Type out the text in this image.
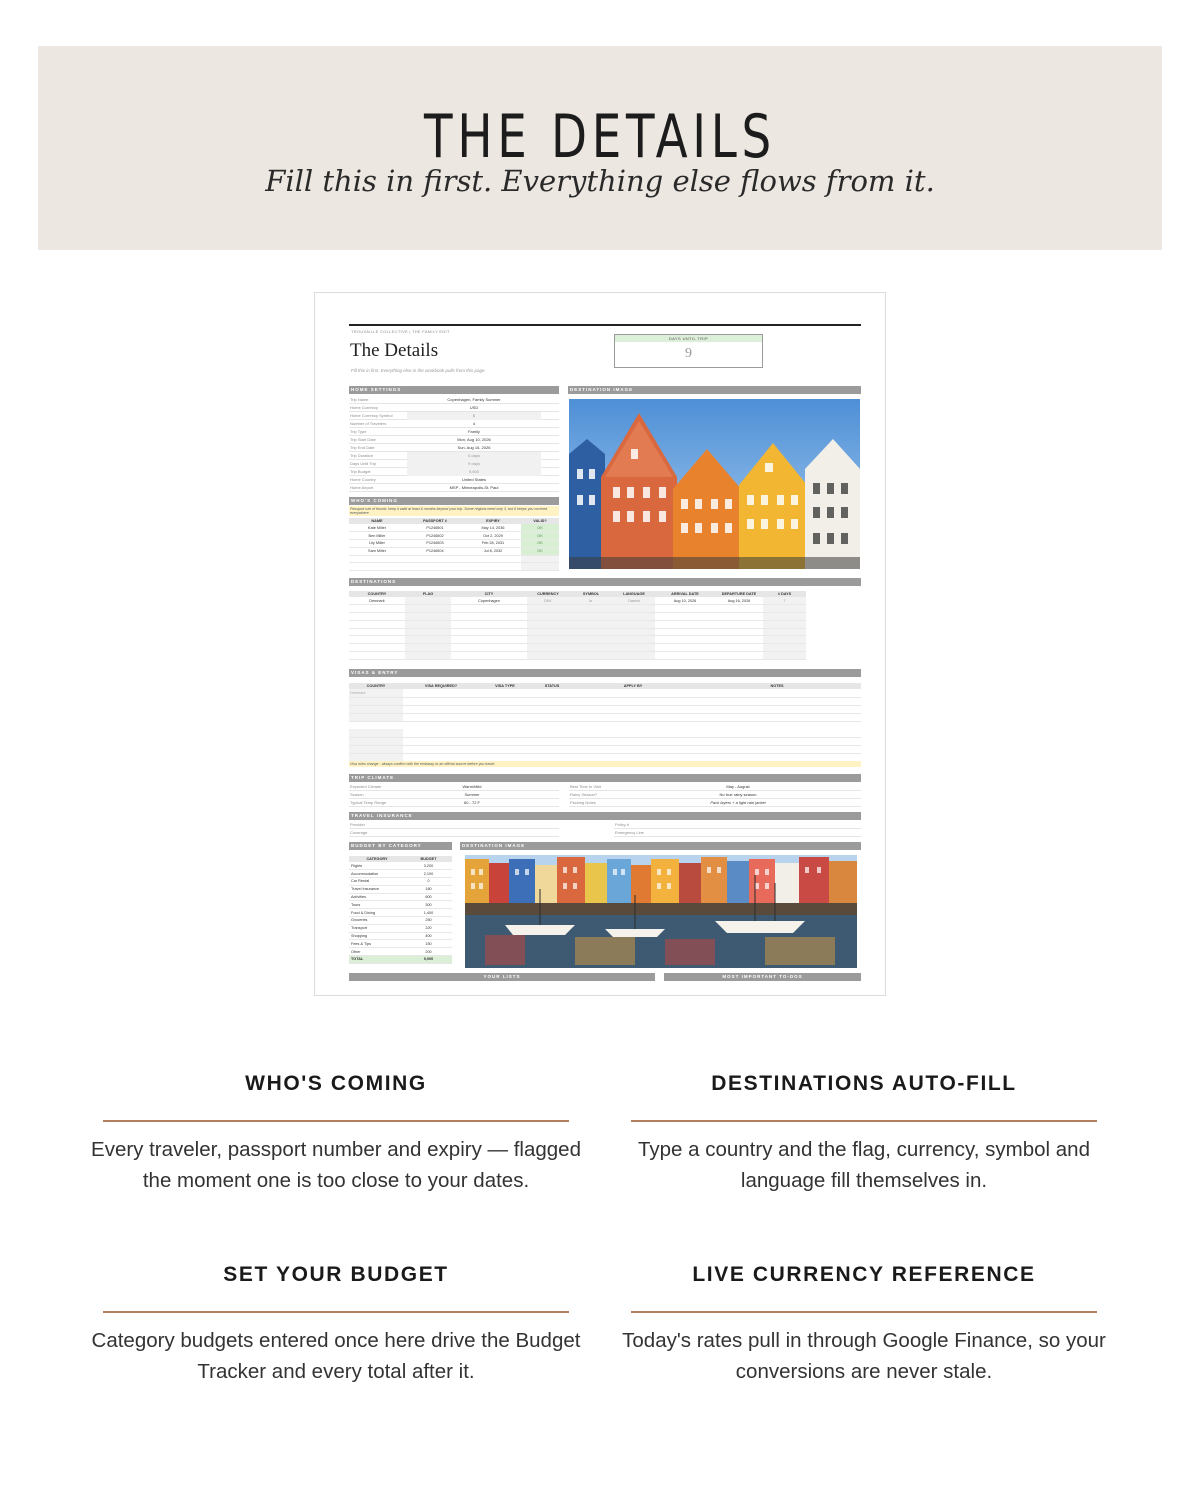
THE DETAILS
Fill this in first. Everything else flows from it.
TROUVAILLE COLLECTIVE | THE FAMILY EDIT
The Details
Fill this in first. Everything else in the workbook pulls from this page.
DAYS UNTIL TRIP
9
HOME SETTINGS
Trip Name	Copenhagen, Family Summer
Home Currency	USD
Home Currency Symbol	$
Number of Travelers	4
Trip Type	Family
Trip Start Date	Mon, Aug 10, 2026
Trip End Date	Sun, Aug 16, 2026
Trip Duration	6 days
Days Until Trip	9 days
Trip Budget	9,600
Home Country	United States
Home Airport	MSP - Minneapolis-St. Paul
DESTINATION IMAGE
WHO'S COMING
Passport rule of thumb: keep it valid at least 6 months beyond your trip. Some regions need only 3, but 6 keeps you covered everywhere.
NAME	PASSPORT #	EXPIRY	VALID?
Kate Miller	P1246501	May 14, 2036	OK
Ben Miller	P1246502	Oct 2, 2029	OK
Lily Miller	P1246503	Feb 28, 2031	OK
Sam Miller	P1246504	Jul 8, 2032	OK

DESTINATIONS
COUNTRY	FLAG	CITY	CURRENCY	SYMBOL	LANGUAGE	ARRIVAL DATE	DEPARTURE DATE	# DAYS
Denmark		Copenhagen	DKK	kr	Danish	Aug 10, 2026	Aug 16, 2026	7

VISAS & ENTRY
COUNTRY	VISA REQUIRED?	VISA TYPE	STATUS	APPLY BY	NOTES
Denmark					

Visa rules change - always confirm with the embassy or an official source before you travel.
TRIP CLIMATE
Expected Climate	Warm/Mild
Season	Summer
Typical Temp Range	60 - 72 F
Best Time to Visit	May - August
Rainy Season?	No true rainy season
Packing Notes	Pack layers + a light rain jacket
TRAVEL INSURANCE
Provider
Coverage
Policy #
Emergency Line
BUDGET BY CATEGORY
CATEGORY	BUDGET
Flights	3,200
Accommodation	2,100
Car Rental	0
Travel Insurance	180
Activities	600
Tours	300
Food & Dining	1,400
Groceries	250
Transport	220
Shopping	400
Fees & Tips	150
Other	200
TOTAL	9,000
DESTINATION IMAGE
YOUR LISTS	MOST IMPORTANT TO-DOS
WHO'S COMING

Every traveler, passport number and expiry — flagged the moment one is too close to your dates.

DESTINATIONS AUTO-FILL

Type a country and the flag, currency, symbol and language fill themselves in.

SET YOUR BUDGET

Category budgets entered once here drive the Budget Tracker and every total after it.

LIVE CURRENCY REFERENCE

Today's rates pull in through Google Finance, so your conversions are never stale.
